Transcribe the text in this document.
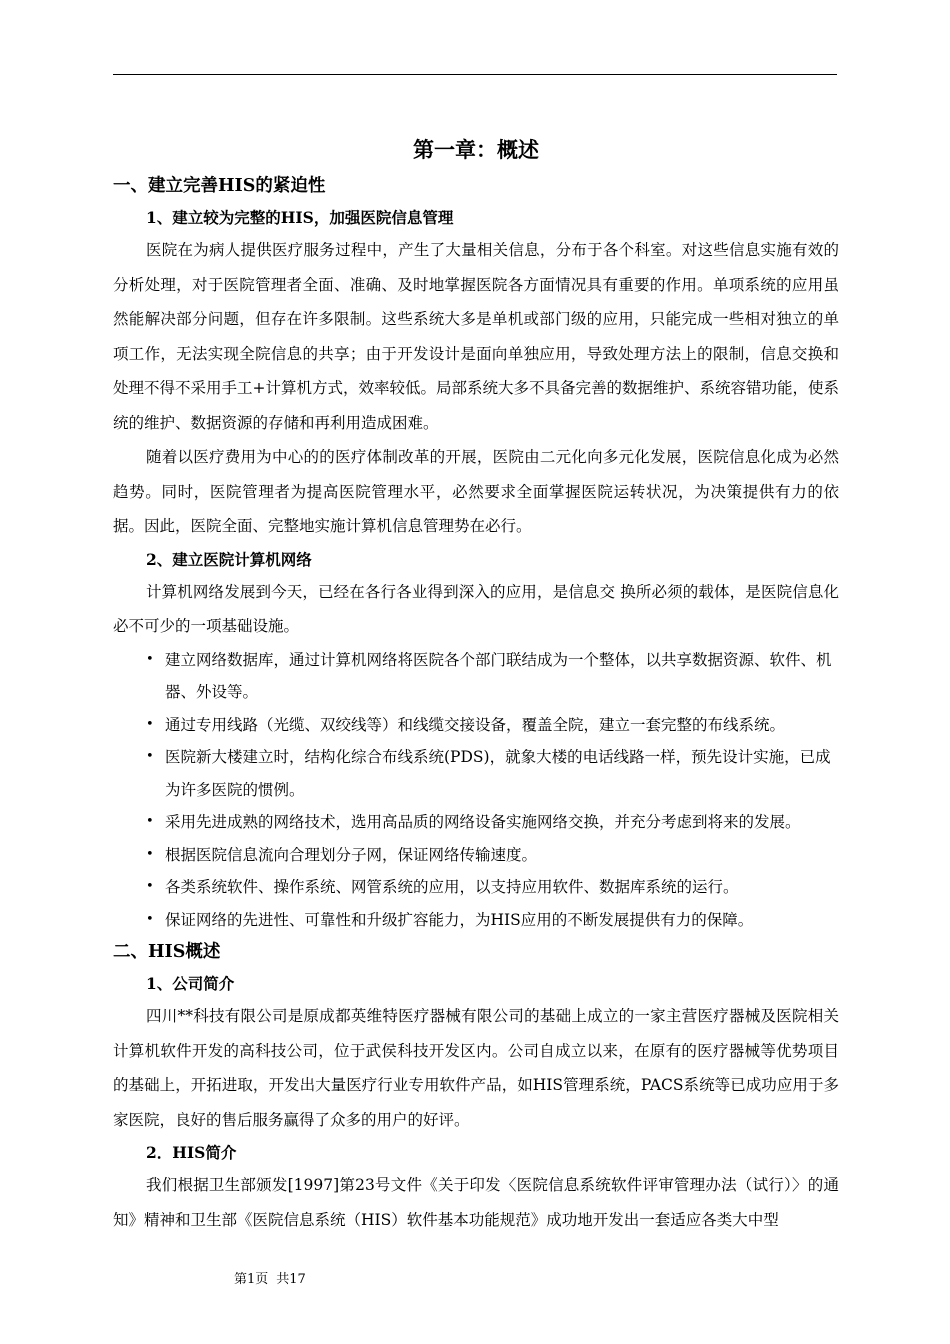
第一章：概述
一、建立完善HIS的紧迫性
1、建立较为完整的HIS，加强医院信息管理

医院在为病人提供医疗服务过程中，产生了大量相关信息，分布于各个科室。对这些信息实施有效的分析处理，对于医院管理者全面、准确、及时地掌握医院各方面情况具有重要的作用。单项系统的应用虽然能解决部分问题，但存在许多限制。这些系统大多是单机或部门级的应用，只能完成一些相对独立的单项工作，无法实现全院信息的共享；由于开发设计是面向单独应用，导致处理方法上的限制，信息交换和处理不得不采用手工+计算机方式，效率较低。局部系统大多不具备完善的数据维护、系统容错功能，使系统的维护、数据资源的存储和再利用造成困难。

随着以医疗费用为中心的的医疗体制改革的开展，医院由二元化向多元化发展，医院信息化成为必然趋势。同时，医院管理者为提高医院管理水平，必然要求全面掌握医院运转状况，为决策提供有力的依据。因此，医院全面、完整地实施计算机信息管理势在必行。

2、建立医院计算机网络

计算机网络发展到今天，已经在各行各业得到深入的应用，是信息交 换所必须的载体，是医院信息化必不可少的一项基础设施。

• 建立网络数据库，通过计算机网络将医院各个部门联结成为一个整体，以共享数据资源、软件、机器、外设等。
• 通过专用线路（光缆、双绞线等）和线缆交接设备，覆盖全院，建立一套完整的布线系统。
• 医院新大楼建立时，结构化综合布线系统(PDS)，就象大楼的电话线路一样，预先设计实施，已成为许多医院的惯例。
• 采用先进成熟的网络技术，选用高品质的网络设备实施网络交换，并充分考虑到将来的发展。
• 根据医院信息流向合理划分子网，保证网络传输速度。
• 各类系统软件、操作系统、网管系统的应用，以支持应用软件、数据库系统的运行。
• 保证网络的先进性、可靠性和升级扩容能力，为HIS应用的不断发展提供有力的保障。
二、HIS概述
1、公司简介

四川**科技有限公司是原成都英维特医疗器械有限公司的基础上成立的一家主营医疗器械及医院相关计算机软件开发的高科技公司，位于武侯科技开发区内。公司自成立以来，在原有的医疗器械等优势项目的基础上，开拓进取，开发出大量医疗行业专用软件产品，如HIS管理系统，PACS系统等已成功应用于多家医院，良好的售后服务赢得了众多的用户的好评。

2．HIS简介

我们根据卫生部颁发[1997]第23号文件《关于印发〈医院信息系统软件评审管理办法（试行）〉的通知》精神和卫生部《医院信息系统（HIS）软件基本功能规范》成功地开发出一套适应各类大中型

第1页 共17
